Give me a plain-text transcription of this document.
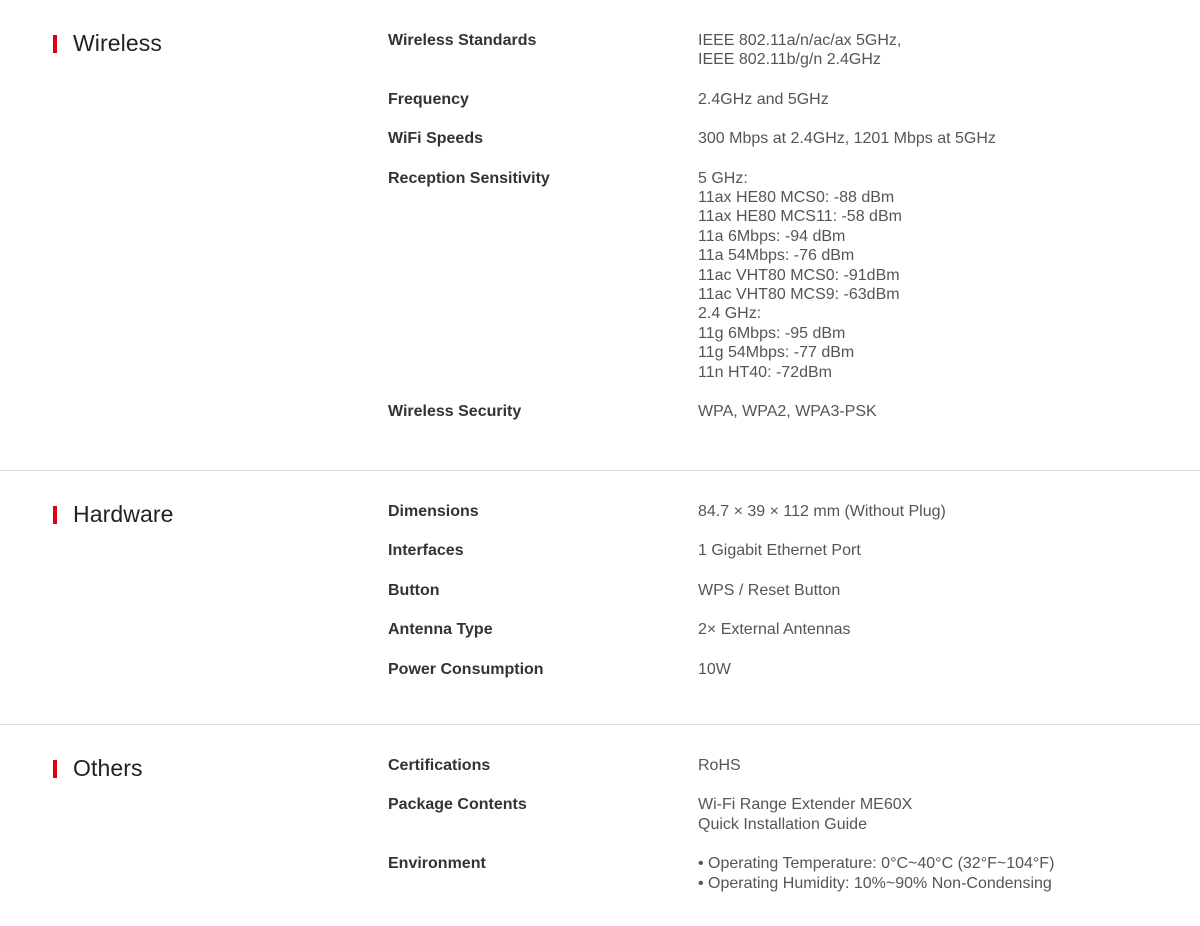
Wireless	Wireless Standards	IEEE 802.11a/n/ac/ax 5GHz,
IEEE 802.11b/g/n 2.4GHz
Frequency	2.4GHz and 5GHz
WiFi Speeds	300 Mbps at 2.4GHz, 1201 Mbps at 5GHz
Reception Sensitivity	5 GHz:
11ax HE80 MCS0: -88 dBm
11ax HE80 MCS11: -58 dBm
11a 6Mbps: -94 dBm
11a 54Mbps: -76 dBm
11ac VHT80 MCS0: -91dBm
11ac VHT80 MCS9: -63dBm
2.4 GHz:
11g 6Mbps: -95 dBm
11g 54Mbps: -77 dBm
11n HT40: -72dBm
Wireless Security	WPA, WPA2, WPA3-PSK
Hardware	Dimensions	84.7 × 39 × 112 mm (Without Plug)
Interfaces	1 Gigabit Ethernet Port
Button	WPS / Reset Button
Antenna Type	2× External Antennas
Power Consumption	10W
Others	Certifications	RoHS
Package Contents	Wi-Fi Range Extender ME60X
Quick Installation Guide
Environment	• Operating Temperature: 0°C~40°C (32°F~104°F)
• Operating Humidity: 10%~90% Non-Condensing
